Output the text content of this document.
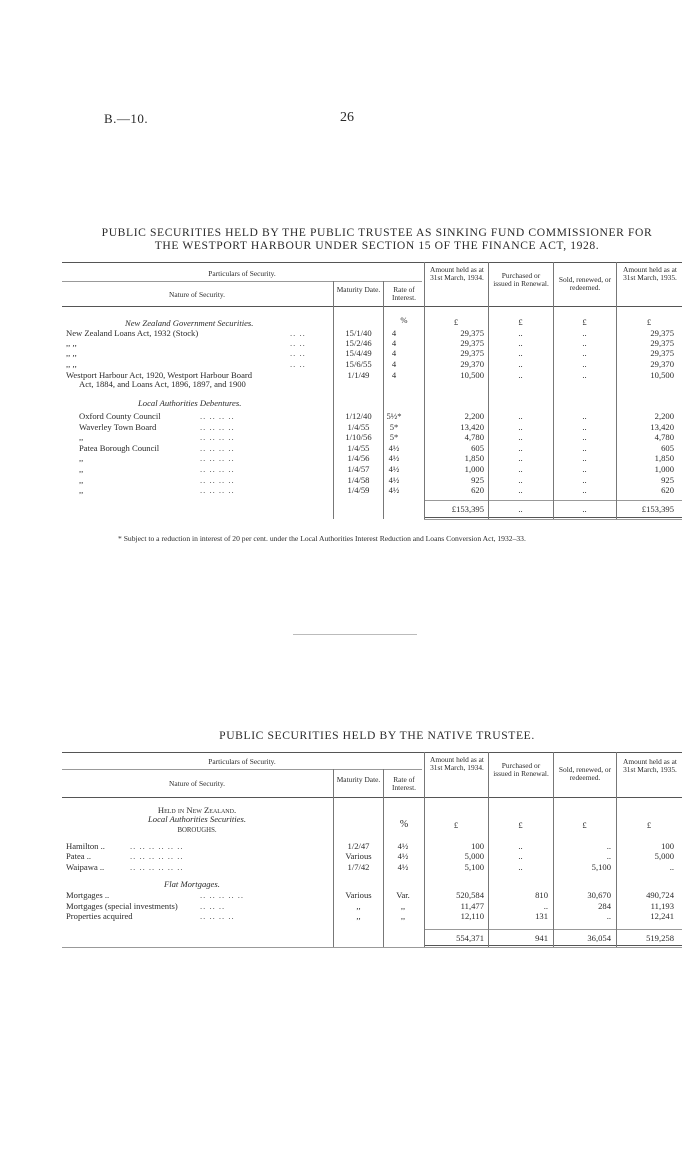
B.—10.	26
PUBLIC SECURITIES HELD BY THE PUBLIC TRUSTEE AS SINKING FUND COMMISSIONER FOR
THE WESTPORT HARBOUR UNDER SECTION 15 OF THE FINANCE ACT, 1928.
Particulars of Security.
Nature of Security.
Maturity Date.	Rate of Interest.
Amount held as at 31st March, 1934.	Purchased or issued in Renewal.	Sold, renewed, or redeemed.
Amount held as at 31st March, 1935.
New Zealand Government Securities.	%	£	£	£	£
New Zealand Loans Act, 1932 (Stock)	.. ..	15/1/40	4	29,375	..	..	29,375
,, ,,	.. ..	15/2/46	4	29,375	..	..	29,375
,, ,,	.. ..	15/4/49	4	29,375	..	..	29,375
,, ,,	.. ..	15/6/55	4	29,370	..	..	29,370
Westport Harbour Act, 1920, Westport Harbour Board
Act, 1884, and Loans Act, 1896, 1897, and 1900
1/1/49	4	10,500	..	..	10,500
Local Authorities Debentures.
Oxford County Council	.. .. .. ..	1/12/40	5½*	2,200	..	..	2,200
Waverley Town Board	.. .. .. ..	1/4/55	5*	13,420	..	..	13,420
,,	.. .. .. ..	1/10/56	5*	4,780	..	..	4,780
Patea Borough Council	.. .. .. ..	1/4/55	4½	605	..	..	605
,,	.. .. .. ..	1/4/56	4½	1,850	..	..	1,850
,,	.. .. .. ..	1/4/57	4½	1,000	..	..	1,000
,,	.. .. .. ..	1/4/58	4½	925	..	..	925
,,	.. .. .. ..	1/4/59	4½	620	..	..	620
£153,395	..	..	£153,395
* Subject to a reduction in interest of 20 per cent. under the Local Authorities Interest Reduction and Loans Conversion Act, 1932–33.
PUBLIC SECURITIES HELD BY THE NATIVE TRUSTEE.
Particulars of Security.
Nature of Security.	Maturity Date.	Rate of Interest.
Amount held as at 31st March, 1934.	Purchased or issued in Renewal.	Sold, renewed, or redeemed.
Amount held as at 31st March, 1935.
Held in New Zealand.
Local Authorities Securities.
BOROUGHS.
%	£	£	£	£
Hamilton ..	.. .. .. .. .. ..	1/2/47	4½	100	..	..	100
Patea ..	.. .. .. .. .. ..	Various	4½	5,000	..	..	5,000
Waipawa ..	.. .. .. .. .. ..	1/7/42	4½	5,100	..	5,100	..
Flat Mortgages.
Mortgages ..	.. .. .. .. ..	Various	Var.	520,584	810	30,670	490,724
Mortgages (special investments)	.. .. ..	,,	,,	11,477	..	284	11,193
Properties acquired	.. .. .. ..	,,	,,	12,110	131	..	12,241
554,371	941	36,054	519,258
